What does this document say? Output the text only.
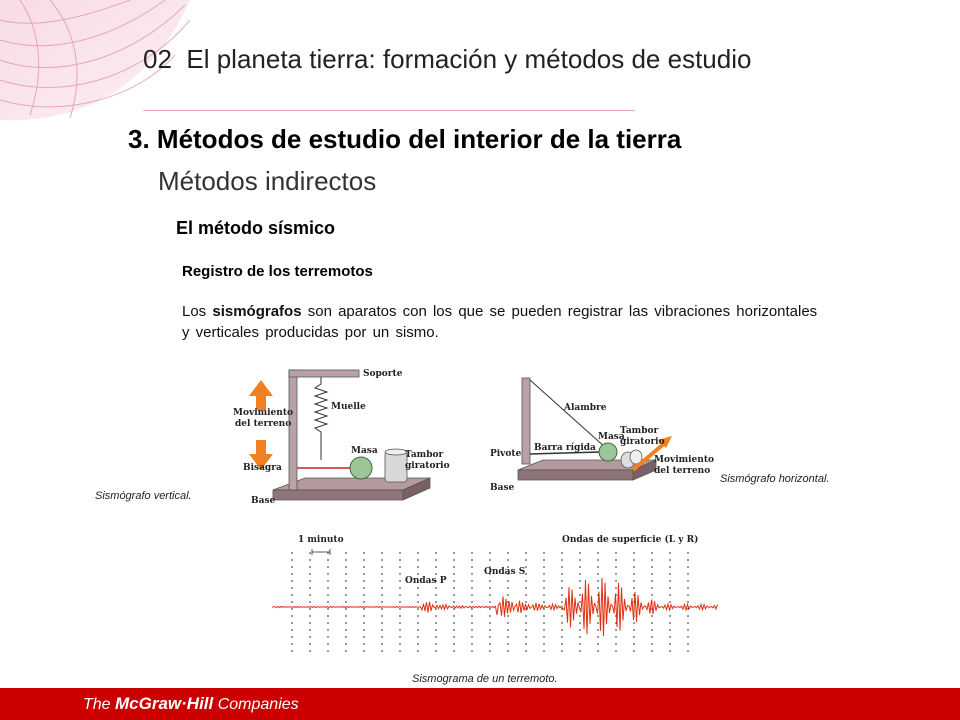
02 El planeta tierra: formación y métodos de estudio
3. Métodos de estudio del interior de la tierra
Métodos indirectos
El método sísmico
Registro de los terremotos
Los sismógrafos son aparatos con los que se pueden registrar las vibraciones horizontales y verticales producidas por un sismo.
Soporte
Muelle
Movimiento
del terreno
Masa	Tambor
giratorio
Bisagra
Base
Sismógrafo vertical.
Alambre
Tambor
giratorio
Masa
Pivote
Barra rígida
Movimiento
del terreno
Base
Sismógrafo horizontal.
1 minuto	Ondas de superficie (L y R)
Ondas P
Ondas S
Sismograma de un terremoto.
The McGraw·Hill Companies
